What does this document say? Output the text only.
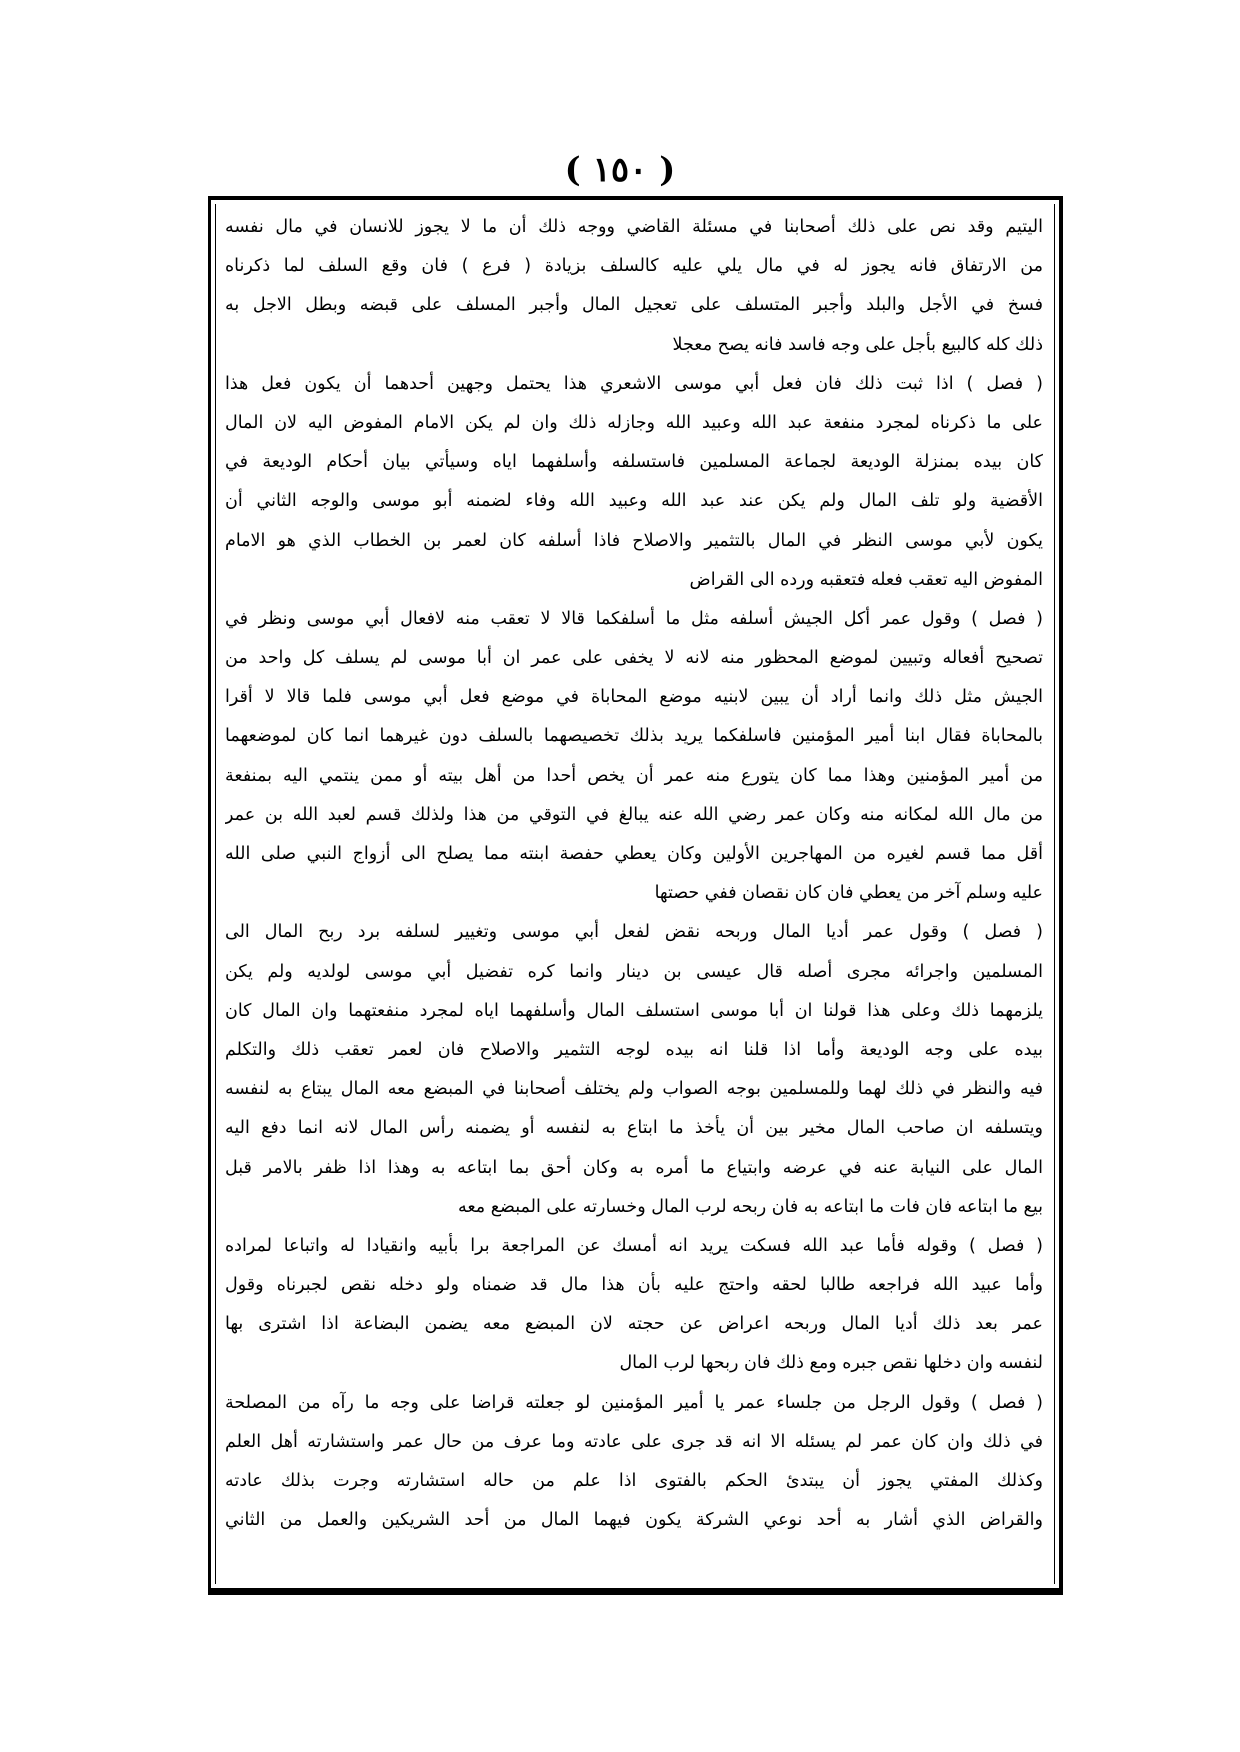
( ١٥٠ )
اليتيم وقد نص على ذلك أصحابنا في مسئلة القاضي ووجه ذلك أن ما لا يجوز للانسان في مال نفسه
من الارتفاق فانه يجوز له في مال يلي عليه كالسلف بزيادة ( فرع ) فان وقع السلف لما ذكرناه
فسخ في الأجل والبلد وأجبر المتسلف على تعجيل المال وأجبر المسلف على قبضه وبطل الاجل به
ذلك كله كالبيع بأجل على وجه فاسد فانه يصح معجلا
( فصل ) اذا ثبت ذلك فان فعل أبي موسى الاشعري هذا يحتمل وجهين أحدهما أن يكون فعل هذا
على ما ذكرناه لمجرد منفعة عبد الله وعبيد الله وجازله ذلك وان لم يكن الامام المفوض اليه لان المال
كان بيده بمنزلة الوديعة لجماعة المسلمين فاستسلفه وأسلفهما اياه وسيأتي بيان أحكام الوديعة في
الأقضية ولو تلف المال ولم يكن عند عبد الله وعبيد الله وفاء لضمنه أبو موسى والوجه الثاني أن
يكون لأبي موسى النظر في المال بالتثمير والاصلاح فاذا أسلفه كان لعمر بن الخطاب الذي هو الامام
المفوض اليه تعقب فعله فتعقبه ورده الى القراض
( فصل ) وقول عمر أكل الجيش أسلفه مثل ما أسلفكما قالا لا تعقب منه لافعال أبي موسى ونظر في
تصحيح أفعاله وتبيين لموضع المحظور منه لانه لا يخفى على عمر ان أبا موسى لم يسلف كل واحد من
الجيش مثل ذلك وانما أراد أن يبين لابنيه موضع المحاباة في موضع فعل أبي موسى فلما قالا لا أقرا
بالمحاباة فقال ابنا أمير المؤمنين فاسلفكما يريد بذلك تخصيصهما بالسلف دون غيرهما انما كان لموضعهما
من أمير المؤمنين وهذا مما كان يتورع منه عمر أن يخص أحدا من أهل بيته أو ممن ينتمي اليه بمنفعة
من مال الله لمكانه منه وكان عمر رضي الله عنه يبالغ في التوقي من هذا ولذلك قسم لعبد الله بن عمر
أقل مما قسم لغيره من المهاجرين الأولين وكان يعطي حفصة ابنته مما يصلح الى أزواج النبي صلى الله
عليه وسلم آخر من يعطي فان كان نقصان ففي حصتها
( فصل ) وقول عمر أديا المال وربحه نقض لفعل أبي موسى وتغيير لسلفه برد ربح المال الى
المسلمين واجرائه مجرى أصله قال عيسى بن دينار وانما كره تفضيل أبي موسى لولديه ولم يكن
يلزمهما ذلك وعلى هذا قولنا ان أبا موسى استسلف المال وأسلفهما اياه لمجرد منفعتهما وان المال كان
بيده على وجه الوديعة وأما اذا قلنا انه بيده لوجه التثمير والاصلاح فان لعمر تعقب ذلك والتكلم
فيه والنظر في ذلك لهما وللمسلمين بوجه الصواب ولم يختلف أصحابنا في المبضع معه المال يبتاع به لنفسه
ويتسلفه ان صاحب المال مخير بين أن يأخذ ما ابتاع به لنفسه أو يضمنه رأس المال لانه انما دفع اليه
المال على النيابة عنه في عرضه وابتياع ما أمره به وكان أحق بما ابتاعه به وهذا اذا ظفر بالامر قبل
بيع ما ابتاعه فان فات ما ابتاعه به فان ربحه لرب المال وخسارته على المبضع معه
( فصل ) وقوله فأما عبد الله فسكت يريد انه أمسك عن المراجعة برا بأبيه وانقيادا له واتباعا لمراده
وأما عبيد الله فراجعه طالبا لحقه واحتج عليه بأن هذا مال قد ضمناه ولو دخله نقص لجبرناه وقول
عمر بعد ذلك أديا المال وربحه اعراض عن حجته لان المبضع معه يضمن البضاعة اذا اشترى بها
لنفسه وان دخلها نقص جبره ومع ذلك فان ربحها لرب المال
( فصل ) وقول الرجل من جلساء عمر يا أمير المؤمنين لو جعلته قراضا على وجه ما رآه من المصلحة
في ذلك وان كان عمر لم يسئله الا انه قد جرى على عادته وما عرف من حال عمر واستشارته أهل العلم
وكذلك المفتي يجوز أن يبتدئ الحكم بالفتوى اذا علم من حاله استشارته وجرت بذلك عادته
والقراض الذي أشار به أحد نوعي الشركة يكون فيهما المال من أحد الشريكين والعمل من الثاني
